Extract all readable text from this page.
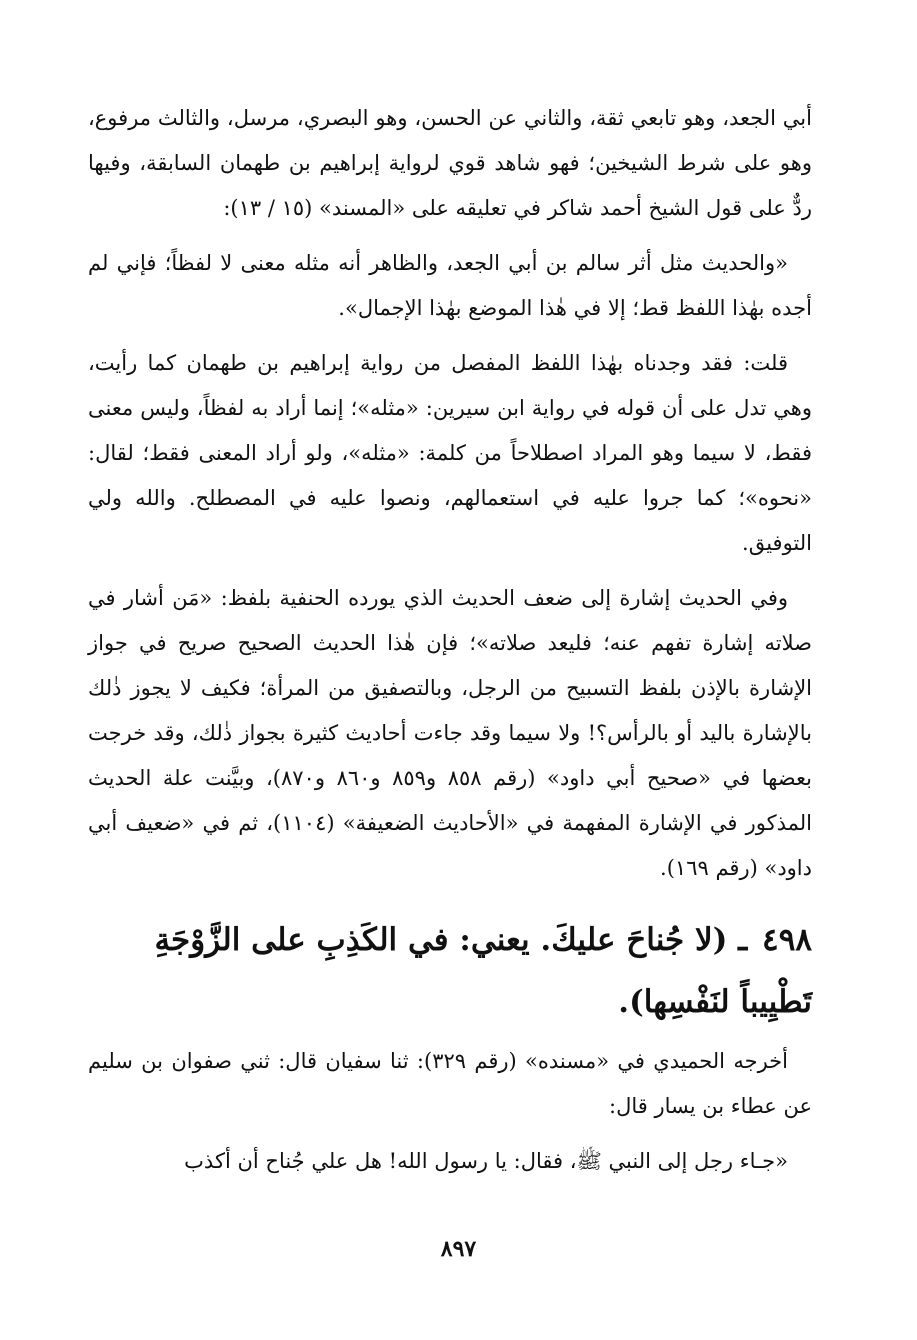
أبي الجعد، وهو تابعي ثقة، والثاني عن الحسن، وهو البصري، مرسل، والثالث مرفوع، وهو على شرط الشيخين؛ فهو شاهد قوي لرواية إبراهيم بن طهمان السابقة، وفيها ردٌّ على قول الشيخ أحمد شاكر في تعليقه على «المسند» (١٥ / ١٣):

«والحديث مثل أثر سالم بن أبي الجعد، والظاهر أنه مثله معنى لا لفظاً؛ فإني لم أجده بهٰذا اللفظ قط؛ إلا في هٰذا الموضع بهٰذا الإجمال».

قلت: فقد وجدناه بهٰذا اللفظ المفصل من رواية إبراهيم بن طهمان كما رأيت، وهي تدل على أن قوله في رواية ابن سيرين: «مثله»؛ إنما أراد به لفظاً، وليس معنى فقط، لا سيما وهو المراد اصطلاحاً من كلمة: «مثله»، ولو أراد المعنى فقط؛ لقال: «نحوه»؛ كما جروا عليه في استعمالهم، ونصوا عليه في المصطلح. والله ولي التوفيق.

وفي الحديث إشارة إلى ضعف الحديث الذي يورده الحنفية بلفظ: «مَن أشار في صلاته إشارة تفهم عنه؛ فليعد صلاته»؛ فإن هٰذا الحديث الصحيح صريح في جواز الإشارة بالإذن بلفظ التسبيح من الرجل، وبالتصفيق من المرأة؛ فكيف لا يجوز ذٰلك بالإشارة باليد أو بالرأس؟! ولا سيما وقد جاءت أحاديث كثيرة بجواز ذٰلك، وقد خرجت بعضها في «صحيح أبي داود» (رقم ٨٥٨ و٨٥٩ و٨٦٠ و٨٧٠)، وبيَّنت علة الحديث المذكور في الإشارة المفهمة في «الأحاديث الضعيفة» (١١٠٤)، ثم في «ضعيف أبي داود» (رقم ١٦٩).

٤٩٨ ـ (لا جُناحَ عليكَ. يعني: في الكَذِبِ على الزَّوْجَةِ تَطْيِيباً لنَفْسِها).

أخرجه الحميدي في «مسنده» (رقم ٣٢٩): ثنا سفيان قال: ثني صفوان بن سليم عن عطاء بن يسار قال:

«جـاء رجل إلى النبي ﷺ، فقال: يا رسول الله! هل علي جُناح أن أكذب

٨٩٧
